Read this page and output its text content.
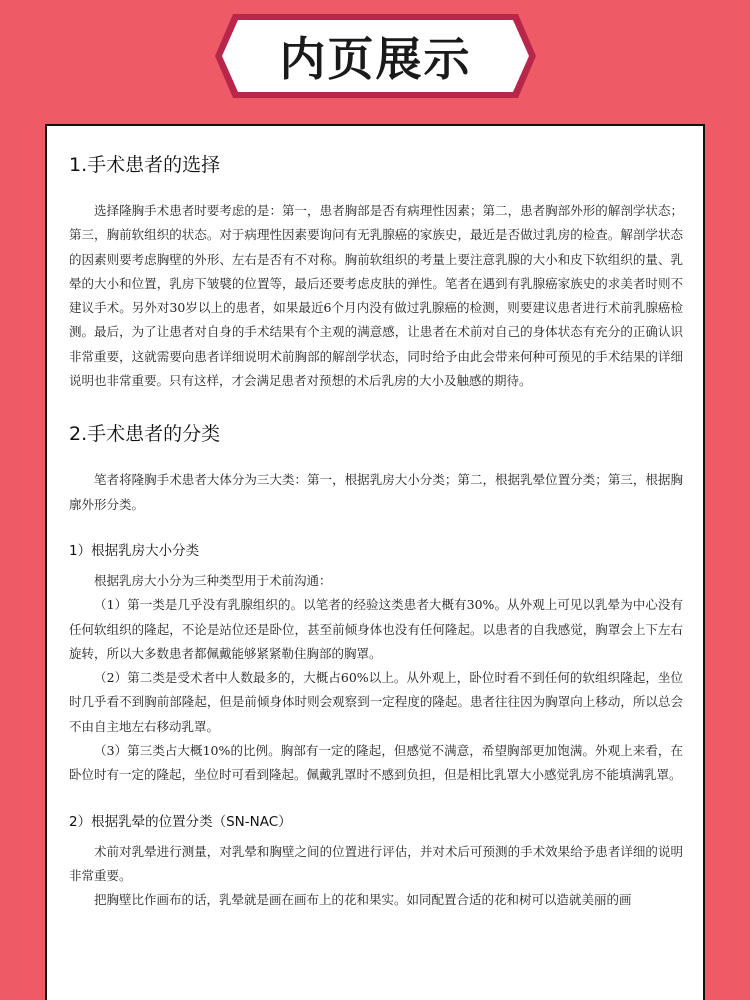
内页展示
1.手术患者的选择

选择隆胸手术患者时要考虑的是：第一，患者胸部是否有病理性因素；第二，患者胸部外形的解剖学状态；第三，胸前软组织的状态。对于病理性因素要询问有无乳腺癌的家族史，最近是否做过乳房的检查。解剖学状态的因素则要考虑胸壁的外形、左右是否有不对称。胸前软组织的考量上要注意乳腺的大小和皮下软组织的量、乳晕的大小和位置，乳房下皱襞的位置等，最后还要考虑皮肤的弹性。笔者在遇到有乳腺癌家族史的求美者时则不建议手术。另外对30岁以上的患者，如果最近6个月内没有做过乳腺癌的检测，则要建议患者进行术前乳腺癌检测。最后，为了让患者对自身的手术结果有个主观的满意感，让患者在术前对自己的身体状态有充分的正确认识非常重要，这就需要向患者详细说明术前胸部的解剖学状态，同时给予由此会带来何种可预见的手术结果的详细说明也非常重要。只有这样，才会满足患者对预想的术后乳房的大小及触感的期待。

2.手术患者的分类

笔者将隆胸手术患者大体分为三大类：第一，根据乳房大小分类；第二，根据乳晕位置分类；第三，根据胸廓外形分类。

1）根据乳房大小分类

根据乳房大小分为三种类型用于术前沟通：

（1）第一类是几乎没有乳腺组织的。以笔者的经验这类患者大概有30%。从外观上可见以乳晕为中心没有任何软组织的隆起，不论是站位还是卧位，甚至前倾身体也没有任何隆起。以患者的自我感觉，胸罩会上下左右旋转，所以大多数患者都佩戴能够紧紧勒住胸部的胸罩。

（2）第二类是受术者中人数最多的，大概占60%以上。从外观上，卧位时看不到任何的软组织隆起，坐位时几乎看不到胸前部隆起，但是前倾身体时则会观察到一定程度的隆起。患者往往因为胸罩向上移动，所以总会不由自主地左右移动乳罩。

（3）第三类占大概10%的比例。胸部有一定的隆起，但感觉不满意，希望胸部更加饱满。外观上来看，在卧位时有一定的隆起，坐位时可看到隆起。佩戴乳罩时不感到负担，但是相比乳罩大小感觉乳房不能填满乳罩。

2）根据乳晕的位置分类（SN-NAC）

术前对乳晕进行测量，对乳晕和胸壁之间的位置进行评估，并对术后可预测的手术效果给予患者详细的说明非常重要。

把胸壁比作画布的话，乳晕就是画在画布上的花和果实。如同配置合适的花和树可以造就美丽的画
